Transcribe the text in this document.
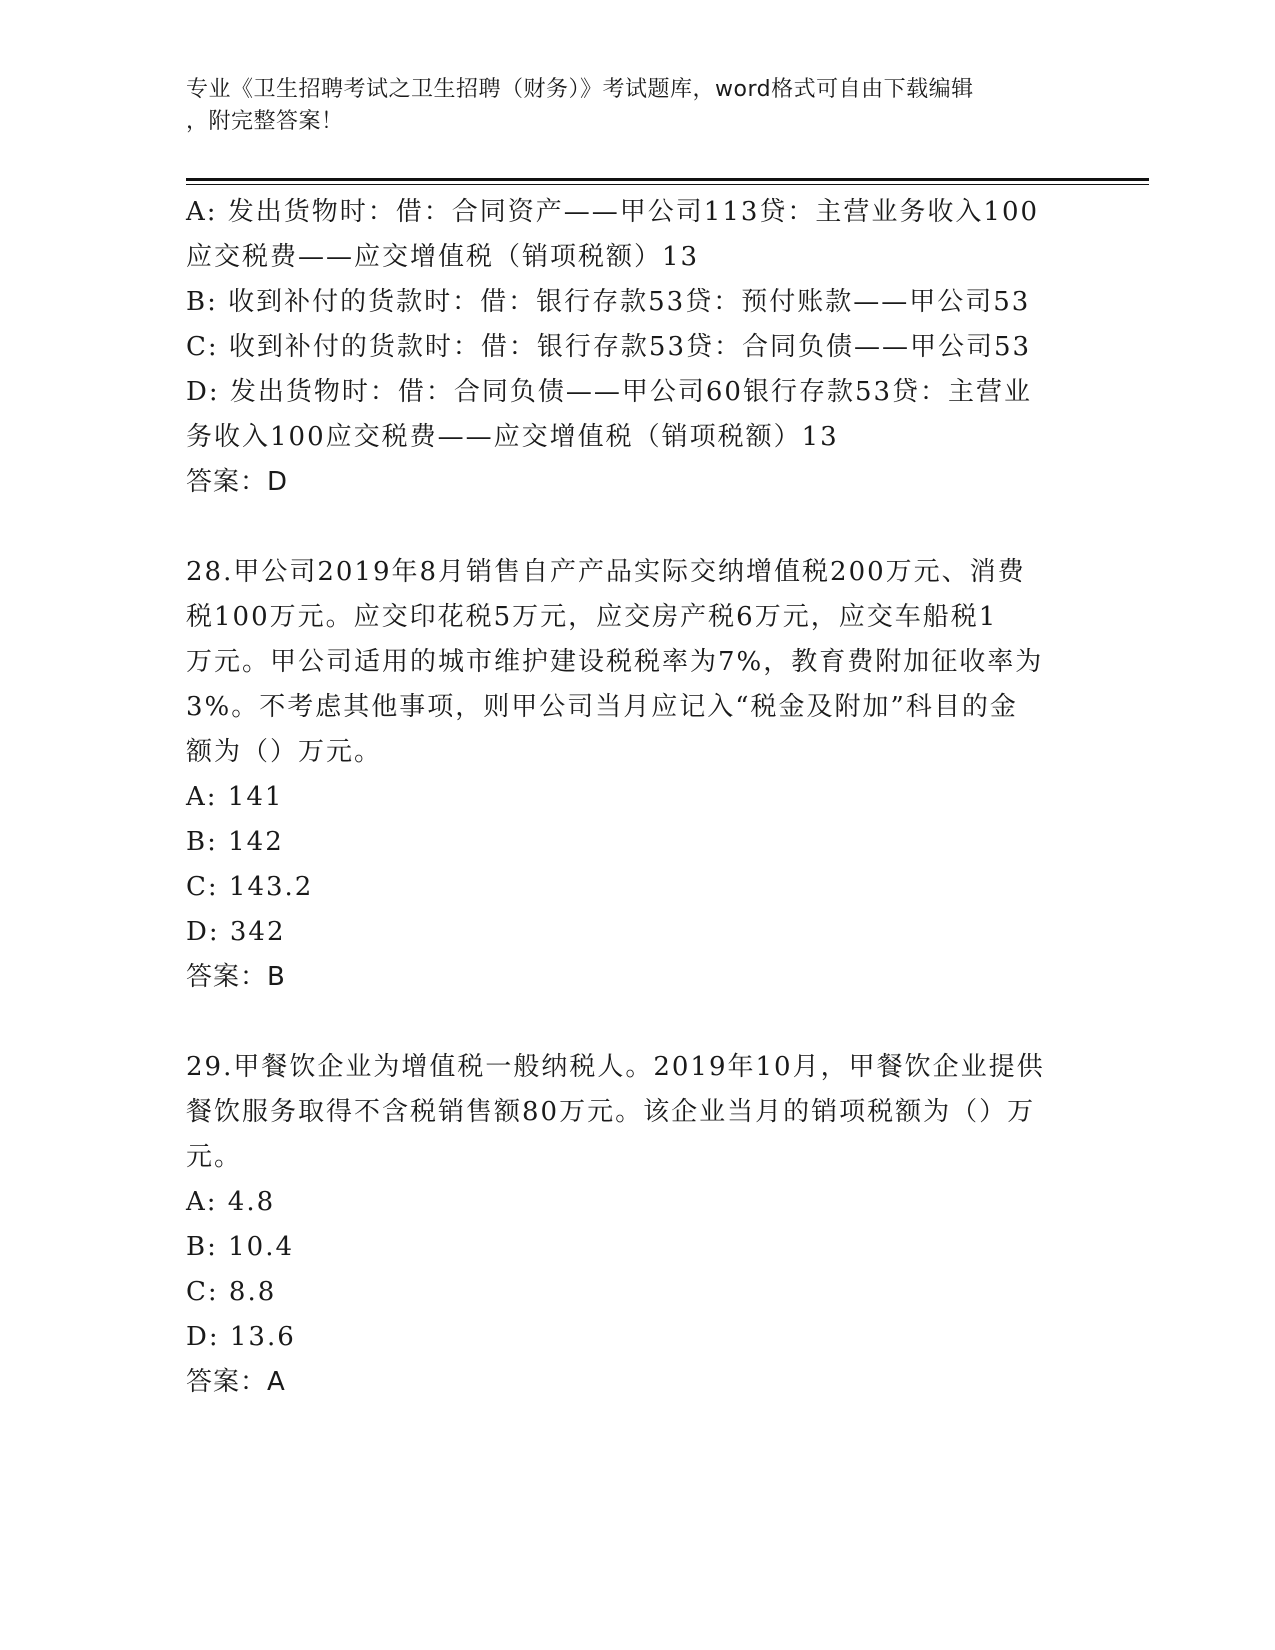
专业《卫生招聘考试之卫生招聘（财务）》考试题库，word格式可自由下载编辑
，附完整答案！
A: 发出货物时：借：合同资产——甲公司113贷：主营业务收入100
应交税费——应交增值税（销项税额）13
B: 收到补付的货款时：借：银行存款53贷：预付账款——甲公司53
C: 收到补付的货款时：借：银行存款53贷：合同负债——甲公司53
D: 发出货物时：借：合同负债——甲公司60银行存款53贷：主营业
务收入100应交税费——应交增值税（销项税额）13
答案：D
28.甲公司2019年8月销售自产产品实际交纳增值税200万元、消费
税100万元。应交印花税5万元，应交房产税6万元，应交车船税1
万元。甲公司适用的城市维护建设税税率为7%，教育费附加征收率为
3%。不考虑其他事项，则甲公司当月应记入“税金及附加”科目的金
额为（）万元。
A: 141
B: 142
C: 143.2
D: 342
答案：B
29.甲餐饮企业为增值税一般纳税人。2019年10月，甲餐饮企业提供
餐饮服务取得不含税销售额80万元。该企业当月的销项税额为（）万
元。
A: 4.8
B: 10.4
C: 8.8
D: 13.6
答案：A
